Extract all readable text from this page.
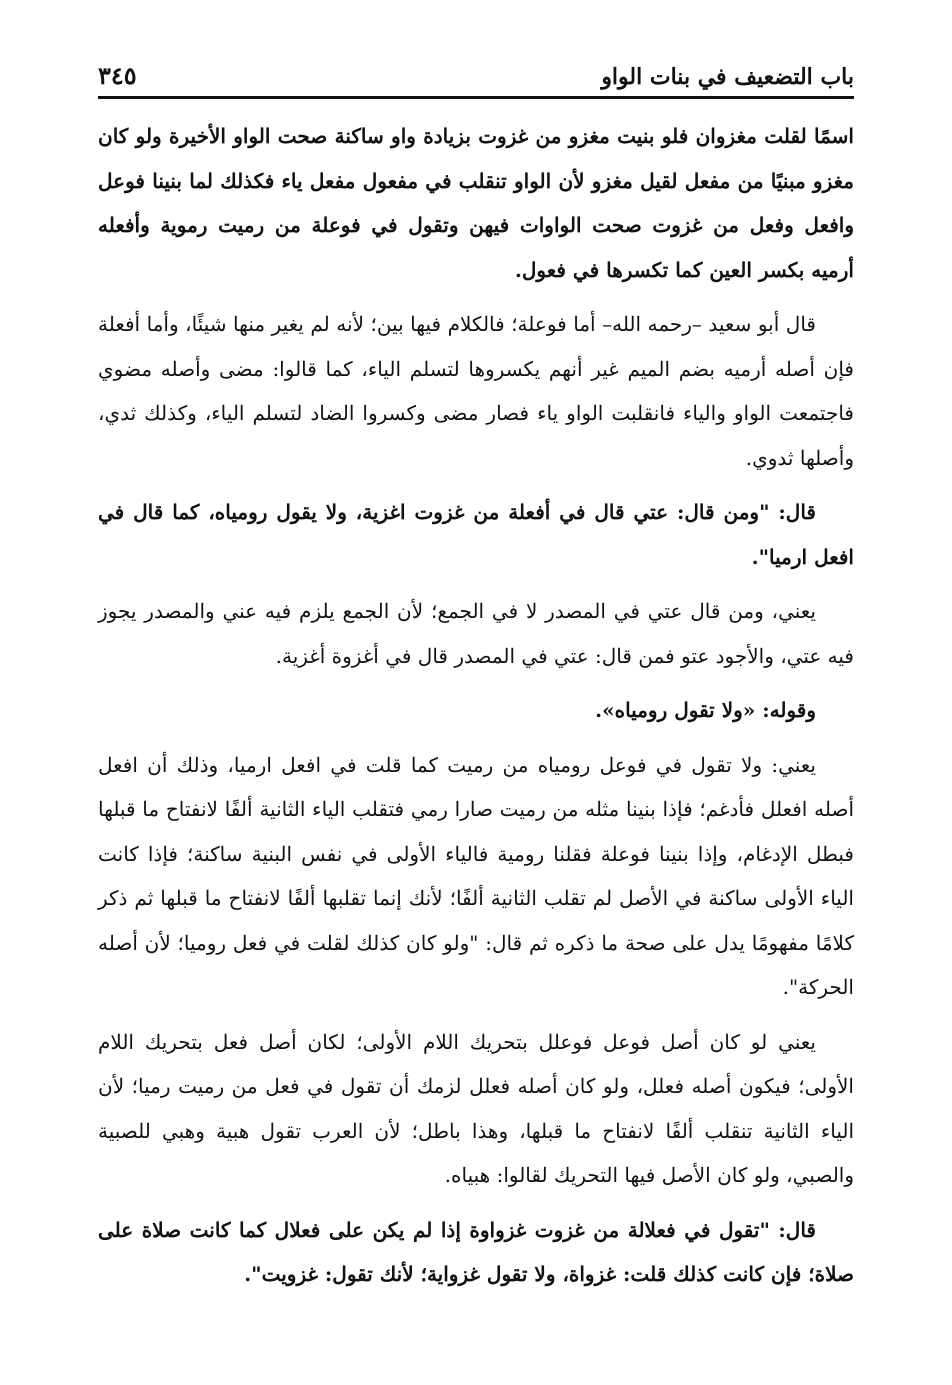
٣٤٥	باب التضعيف في بنات الواو

اسمًا لقلت مغزوان فلو بنيت مغزو من غزوت بزيادة واو ساكنة صحت الواو الأخيرة ولو كان مغزو مبنيًا من مفعل لقيل مغزو لأن الواو تنقلب في مفعول مفعل ياء فكذلك لما بنينا فوعل وافعل وفعل من غزوت صحت الواوات فيهن وتقول في فوعلة من رميت رموية وأفعله أرميه بكسر العين كما تكسرها في فعول.

قال أبو سعيد –رحمه الله– أما فوعلة؛ فالكلام فيها بين؛ لأنه لم يغير منها شيئًا، وأما أفعلة فإن أصله أرميه بضم الميم غير أنهم يكسروها لتسلم الياء، كما قالوا: مضى وأصله مضوي فاجتمعت الواو والياء فانقلبت الواو ياء فصار مضى وكسروا الضاد لتسلم الياء، وكذلك ثدي، وأصلها ثدوي.

قال: "ومن قال: عتي قال في أفعلة من غزوت اغزية، ولا يقول روميا‌ه، كما قال في افعل ارميا".

يعني، ومن قال عتي في المصدر لا في الجمع؛ لأن الجمع يلزم فيه عني والمصدر يجوز فيه عتي، والأجود عتو فمن قال: عتي في المصدر قال في أغزوة أغزية.

وقوله: «ولا تقول روميا‌ه».

يعني: ولا تقول في فوعل روميا‌ه من رميت كما قلت في افعل ارميا، وذلك أن افعل أصله افعلل فأدغم؛ فإذا بنينا مثله من رميت صارا رمي فتقلب الياء الثانية ألفًا لانفتاح ما قبلها فبطل الإدغام، وإذا بنينا فوعلة فقلنا رومية فالياء الأولى في نفس البنية ساكنة؛ فإذا كانت الياء الأولى ساكنة في الأصل لم تقلب الثانية ألفًا؛ لأنك إنما تقلبها ألفًا لانفتاح ما قبلها ثم ذكر كلامًا مفهومًا يدل على صحة ما ذكره ثم قال: "ولو كان كذلك لقلت في فعل روميا؛ لأن أصله الحركة".

يعني لو كان أصل فوعل فوعلل بتحريك اللام الأولى؛ لكان أصل فعل بتحريك اللام الأولى؛ فيكون أصله فعلل، ولو كان أصله فعلل لزمك أن تقول في فعل من رميت رميا؛ لأن الياء الثانية تنقلب ألفًا لانفتاح ما قبلها، وهذا باطل؛ لأن العرب تقول هبية وهبي للصبية والصبي، ولو كان الأصل فيها التحريك لقالوا: هبياه.

قال: "تقول في فعلالة من غزوت غزواوة إذا لم يكن على فعلال كما كانت صلاة على صلاة؛ فإن كانت كذلك قلت: غزواة، ولا تقول غزواية؛ لأنك تقول: غزويت".
